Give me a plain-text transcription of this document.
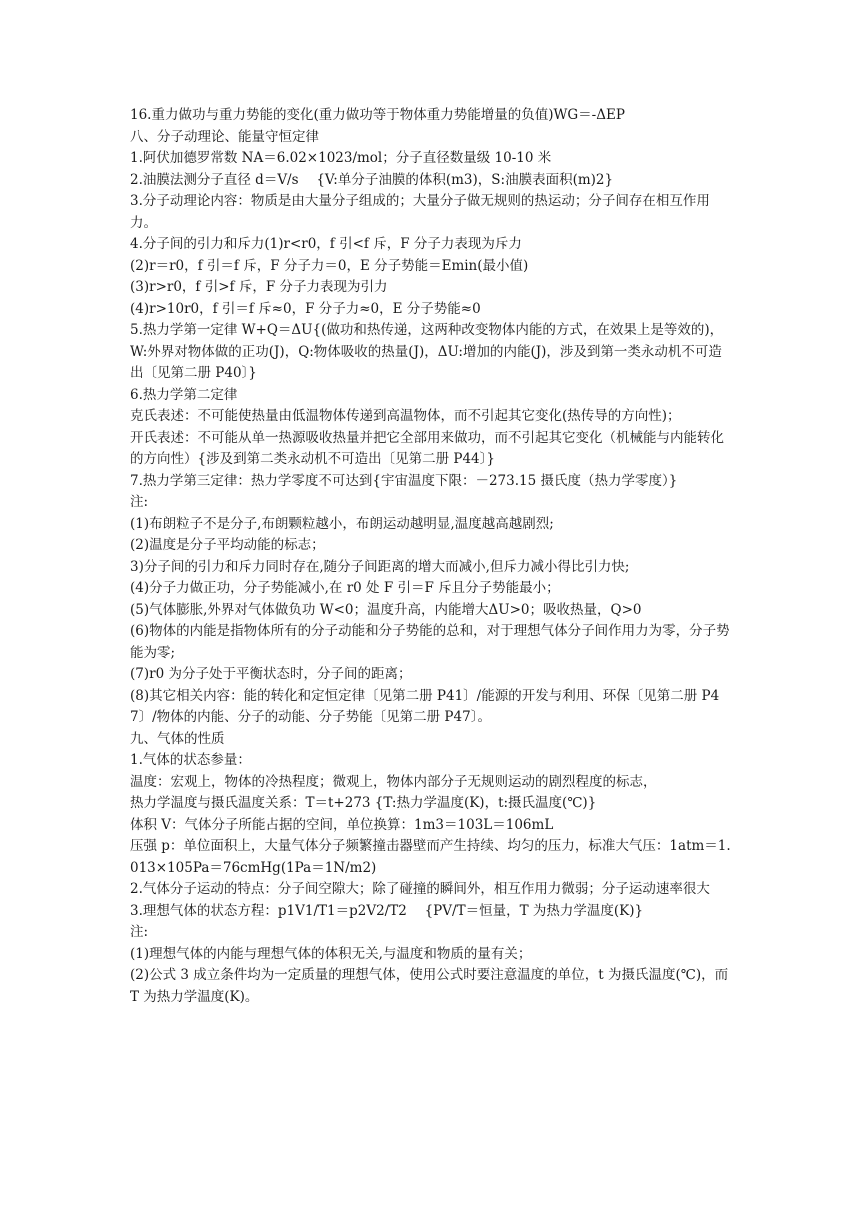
16.重力做功与重力势能的变化(重力做功等于物体重力势能增量的负值)WG＝-ΔEP

八、分子动理论、能量守恒定律

1.阿伏加德罗常数 NA＝6.02×1023/mol；分子直径数量级 10-10 米

2.油膜法测分子直径 d＝V/s　 {V:单分子油膜的体积(m3)，S:油膜表面积(m)2}

3.分子动理论内容：物质是由大量分子组成的；大量分子做无规则的热运动；分子间存在相互作用力。

4.分子间的引力和斥力(1)r<r0，f 引<f 斥，F 分子力表现为斥力

(2)r＝r0，f 引＝f 斥，F 分子力＝0，E 分子势能＝Emin(最小值)

(3)r>r0，f 引>f 斥，F 分子力表现为引力

(4)r>10r0，f 引＝f 斥≈0，F 分子力≈0，E 分子势能≈0

5.热力学第一定律 W+Q＝ΔU{(做功和热传递，这两种改变物体内能的方式，在效果上是等效的)，

W:外界对物体做的正功(J)，Q:物体吸收的热量(J)，ΔU:增加的内能(J)，涉及到第一类永动机不可造出〔见第二册 P40〕}

6.热力学第二定律

克氏表述：不可能使热量由低温物体传递到高温物体，而不引起其它变化(热传导的方向性)；

开氏表述：不可能从单一热源吸收热量并把它全部用来做功，而不引起其它变化（机械能与内能转化的方向性）{涉及到第二类永动机不可造出〔见第二册 P44〕}

7.热力学第三定律：热力学零度不可达到{宇宙温度下限：－273.15 摄氏度（热力学零度）}

注:

(1)布朗粒子不是分子,布朗颗粒越小，布朗运动越明显,温度越高越剧烈;

(2)温度是分子平均动能的标志；

3)分子间的引力和斥力同时存在,随分子间距离的增大而减小,但斥力减小得比引力快;

(4)分子力做正功，分子势能减小,在 r0 处 F 引＝F 斥且分子势能最小；

(5)气体膨胀,外界对气体做负功 W<0；温度升高，内能增大ΔU>0；吸收热量，Q>0

(6)物体的内能是指物体所有的分子动能和分子势能的总和，对于理想气体分子间作用力为零，分子势能为零;

(7)r0 为分子处于平衡状态时，分子间的距离；

(8)其它相关内容：能的转化和定恒定律〔见第二册 P41〕/能源的开发与利用、环保〔见第二册 P47〕/物体的内能、分子的动能、分子势能〔见第二册 P47〕。

九、气体的性质

1.气体的状态参量：

温度：宏观上，物体的冷热程度；微观上，物体内部分子无规则运动的剧烈程度的标志，

热力学温度与摄氏温度关系：T＝t+273 {T:热力学温度(K)，t:摄氏温度(℃)}

体积 V：气体分子所能占据的空间，单位换算：1m3＝103L＝106mL

压强 p：单位面积上，大量气体分子频繁撞击器壁而产生持续、均匀的压力，标准大气压：1atm＝1.013×105Pa＝76cmHg(1Pa＝1N/m2)

2.气体分子运动的特点：分子间空隙大；除了碰撞的瞬间外，相互作用力微弱；分子运动速率很大

3.理想气体的状态方程：p1V1/T1＝p2V2/T2　 {PV/T＝恒量，T 为热力学温度(K)}

注:

(1)理想气体的内能与理想气体的体积无关,与温度和物质的量有关；

(2)公式 3 成立条件均为一定质量的理想气体，使用公式时要注意温度的单位，t 为摄氏温度(℃)，而 T 为热力学温度(K)。
